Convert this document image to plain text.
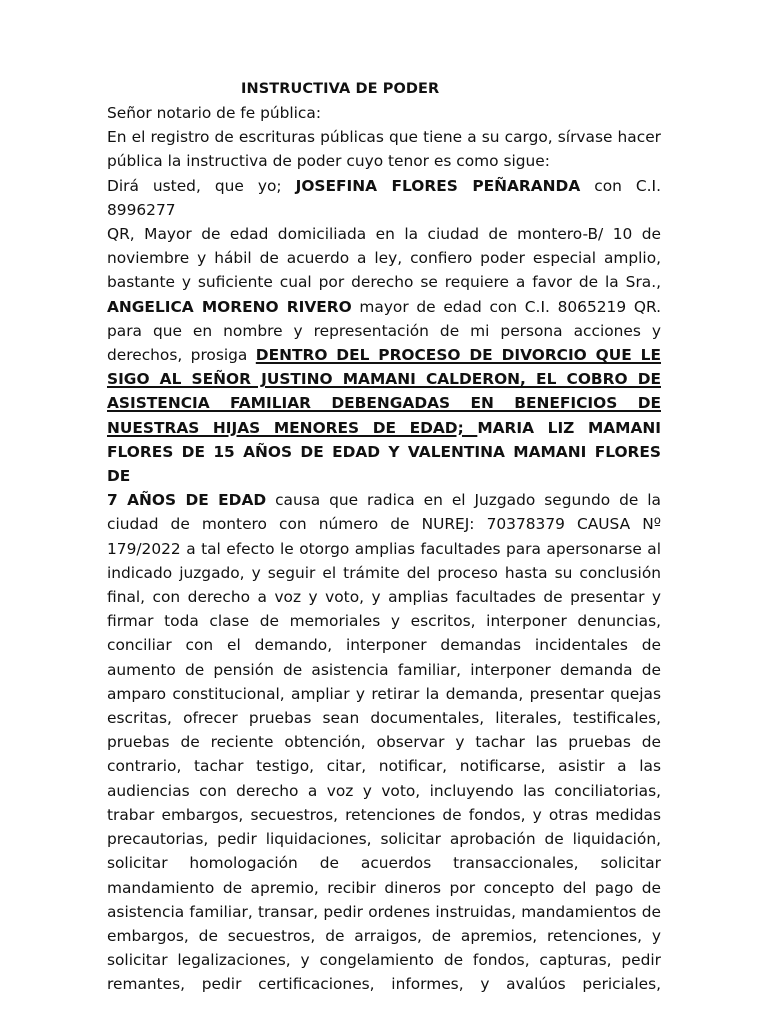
INSTRUCTIVA DE PODER

Señor notario de fe pública:

En el registro de escrituras públicas que tiene a su cargo, sírvase hacer

pública la instructiva de poder cuyo tenor es como sigue:

Dirá usted, que yo; JOSEFINA FLORES PEÑARANDA con C.I. 8996277

QR, Mayor de edad domiciliada en la ciudad de montero-B/ 10 de

noviembre y hábil de acuerdo a ley, confiero poder especial amplio,

bastante y suficiente cual por derecho se requiere a favor de la Sra.,

ANGELICA MORENO RIVERO mayor de edad con C.I. 8065219 QR.

para que en nombre y representación de mi persona acciones y

derechos, prosiga DENTRO DEL PROCESO DE DIVORCIO QUE LE

SIGO AL SEÑOR JUSTINO MAMANI CALDERON, EL COBRO DE

ASISTENCIA FAMILIAR DEBENGADAS EN BENEFICIOS DE

NUESTRAS HIJAS MENORES DE EDAD; MARIA LIZ MAMANI

FLORES DE 15 AÑOS DE EDAD Y VALENTINA MAMANI FLORES DE

7 AÑOS DE EDAD causa que radica en el Juzgado segundo de la

ciudad de montero con número de NUREJ: 70378379 CAUSA Nº

179/2022 a tal efecto le otorgo amplias facultades para apersonarse al

indicado juzgado, y seguir el trámite del proceso hasta su conclusión

final, con derecho a voz y voto, y amplias facultades de presentar y

firmar toda clase de memoriales y escritos, interponer denuncias,

conciliar con el demando, interponer demandas incidentales de

aumento de pensión de asistencia familiar, interponer demanda de

amparo constitucional, ampliar y retirar la demanda, presentar quejas

escritas, ofrecer pruebas sean documentales, literales, testificales,

pruebas de reciente obtención, observar y tachar las pruebas de

contrario, tachar testigo, citar, notificar, notificarse, asistir a las

audiencias con derecho a voz y voto, incluyendo las conciliatorias,

trabar embargos, secuestros, retenciones de fondos, y otras medidas

precautorias, pedir liquidaciones, solicitar aprobación de liquidación,

solicitar homologación de acuerdos transaccionales, solicitar

mandamiento de apremio, recibir dineros por concepto del pago de

asistencia familiar, transar, pedir ordenes instruidas, mandamientos de

embargos, de secuestros, de arraigos, de apremios, retenciones, y

solicitar legalizaciones, y congelamiento de fondos, capturas, pedir

remantes, pedir certificaciones, informes, y avalúos periciales,
